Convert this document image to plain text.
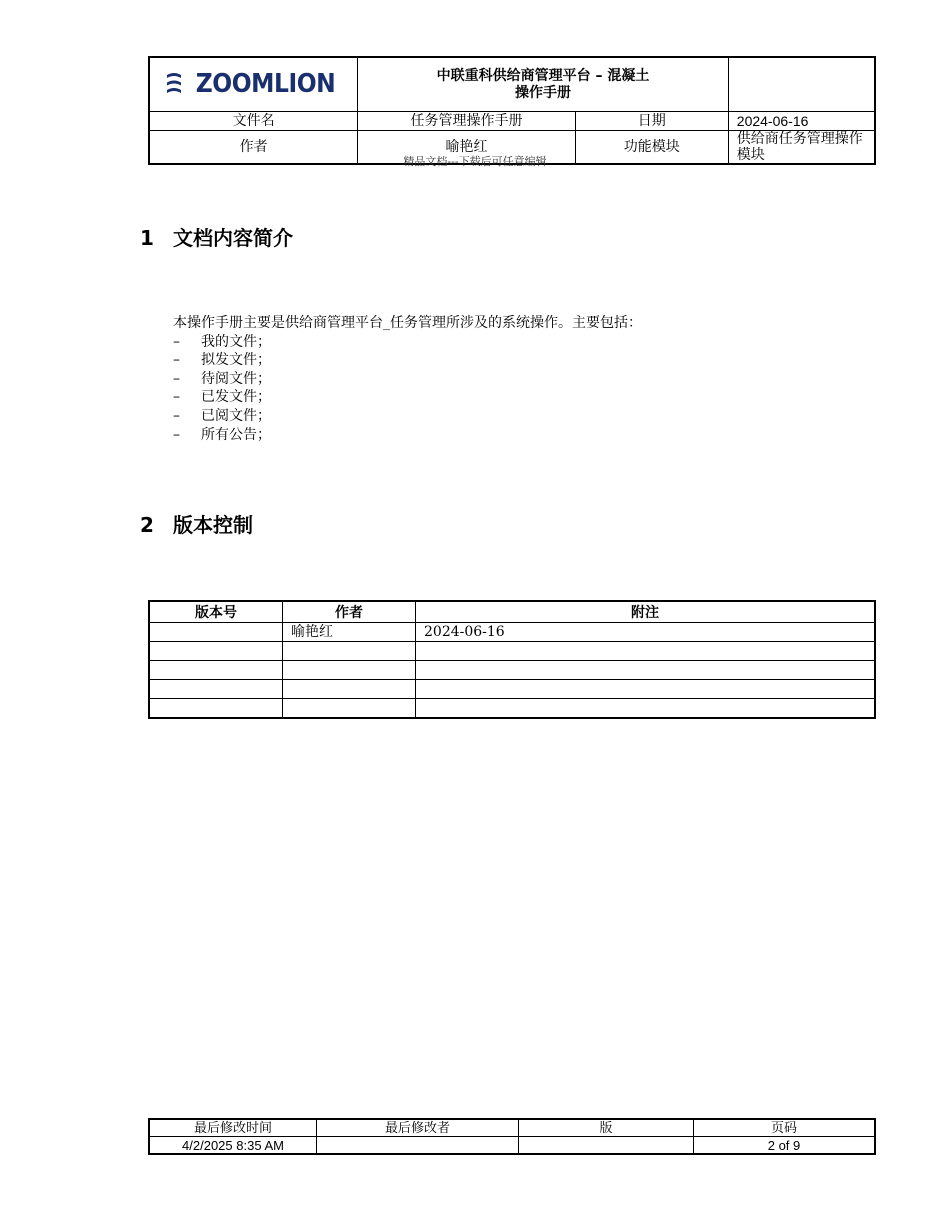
ZOOMLION	中联重科供给商管理平台 – 混凝土
操作手册		

文件名	任务管理操作手册	日期	2024-06-16
作者	喻艳红	功能模块	供给商任务管理操作模块
精品文档---下载后可任意编辑
1 文档内容简介
本操作手册主要是供给商管理平台_任务管理所涉及的系统操作。主要包括：
–	我的文件；
–	拟发文件；
–	待阅文件；
–	已发文件；
–	已阅文件；
–	所有公告；
2 版本控制
版本号	作者	附注
	喻艳红	2024-06-16

最后修改时间	最后修改者	版	页码
4/2/2025 8:35 AM			2 of 9
